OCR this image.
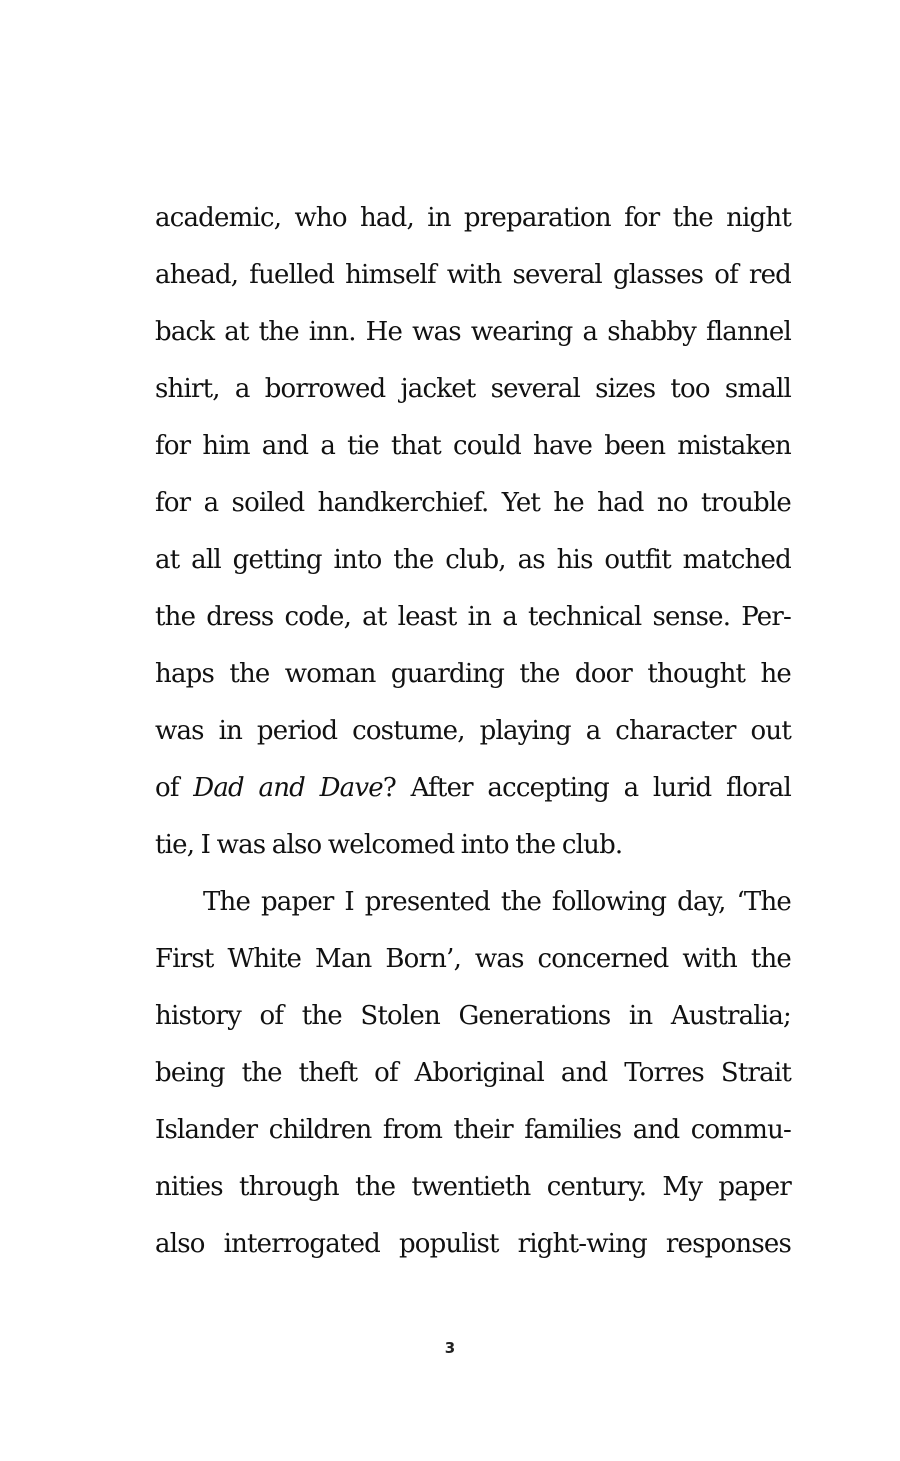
academic, who had, in preparation for the night
ahead, fuelled himself with several glasses of red
back at the inn. He was wearing a shabby flannel
shirt, a borrowed jacket several sizes too small
for him and a tie that could have been mistaken
for a soiled handkerchief. Yet he had no trouble
at all getting into the club, as his outfit matched
the dress code, at least in a technical sense. Per-
haps the woman guarding the door thought he
was in period costume, playing a character out
of Dad and Dave? After accepting a lurid floral
tie, I was also welcomed into the club.
The paper I presented the following day, ‘The
First White Man Born’, was concerned with the
history of the Stolen Generations in Australia;
being the theft of Aboriginal and Torres Strait
Islander children from their families and commu-
nities through the twentieth century. My paper
also interrogated populist right-wing responses
3
